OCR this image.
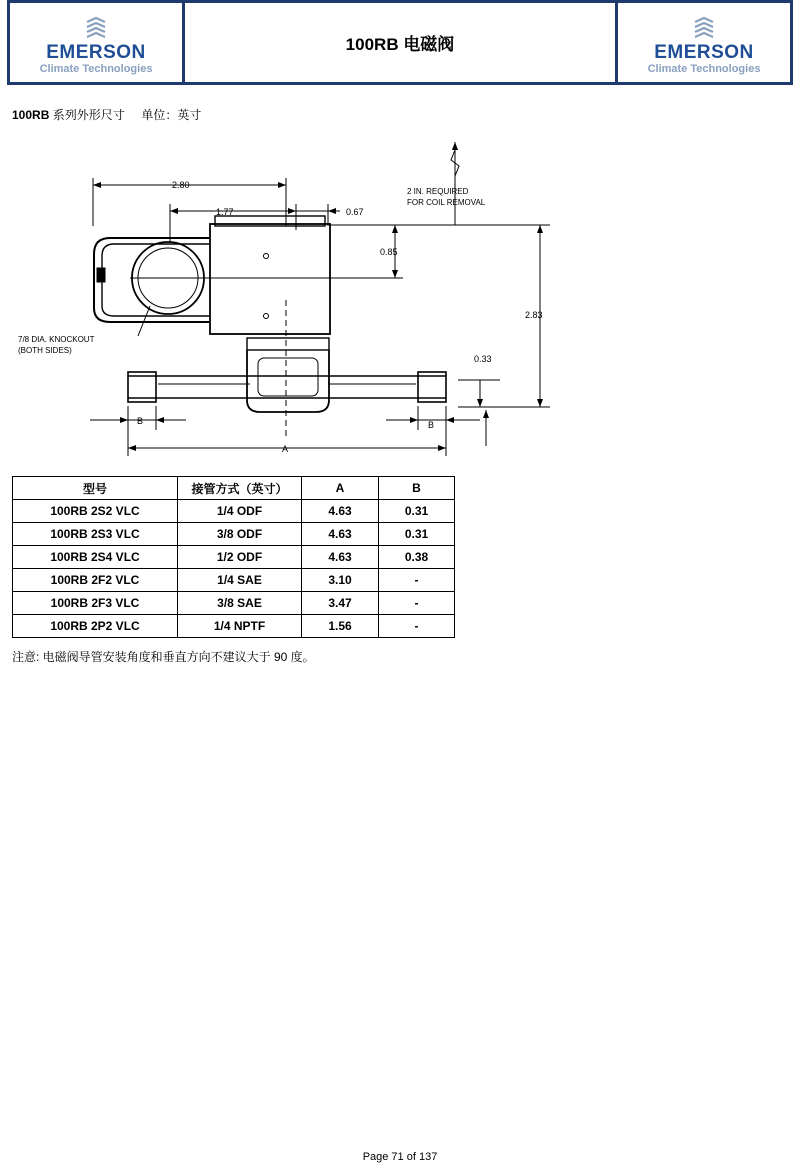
EMERSON
Climate Technologies
100RB 电磁阀	EMERSON
Climate Technologies
100RB 系列外形尺寸 单位：英寸
2.80
1.77	0.67
0.85
2.83
0.33
B	B
A
2 IN. REQUIRED
FOR COIL REMOVAL
7/8 DIA. KNOCKOUT
(BOTH SIDES)
型号	接管方式（英寸）	A	B
100RB 2S2 VLC	1/4 ODF	4.63	0.31
100RB 2S3 VLC	3/8 ODF	4.63	0.31
100RB 2S4 VLC	1/2 ODF	4.63	0.38
100RB 2F2 VLC	1/4 SAE	3.10	-
100RB 2F3 VLC	3/8 SAE	3.47	-
100RB 2P2 VLC	1/4 NPTF	1.56	-
注意: 电磁阀导管安装角度和垂直方向不建议大于 90 度。
Page 71 of 137
